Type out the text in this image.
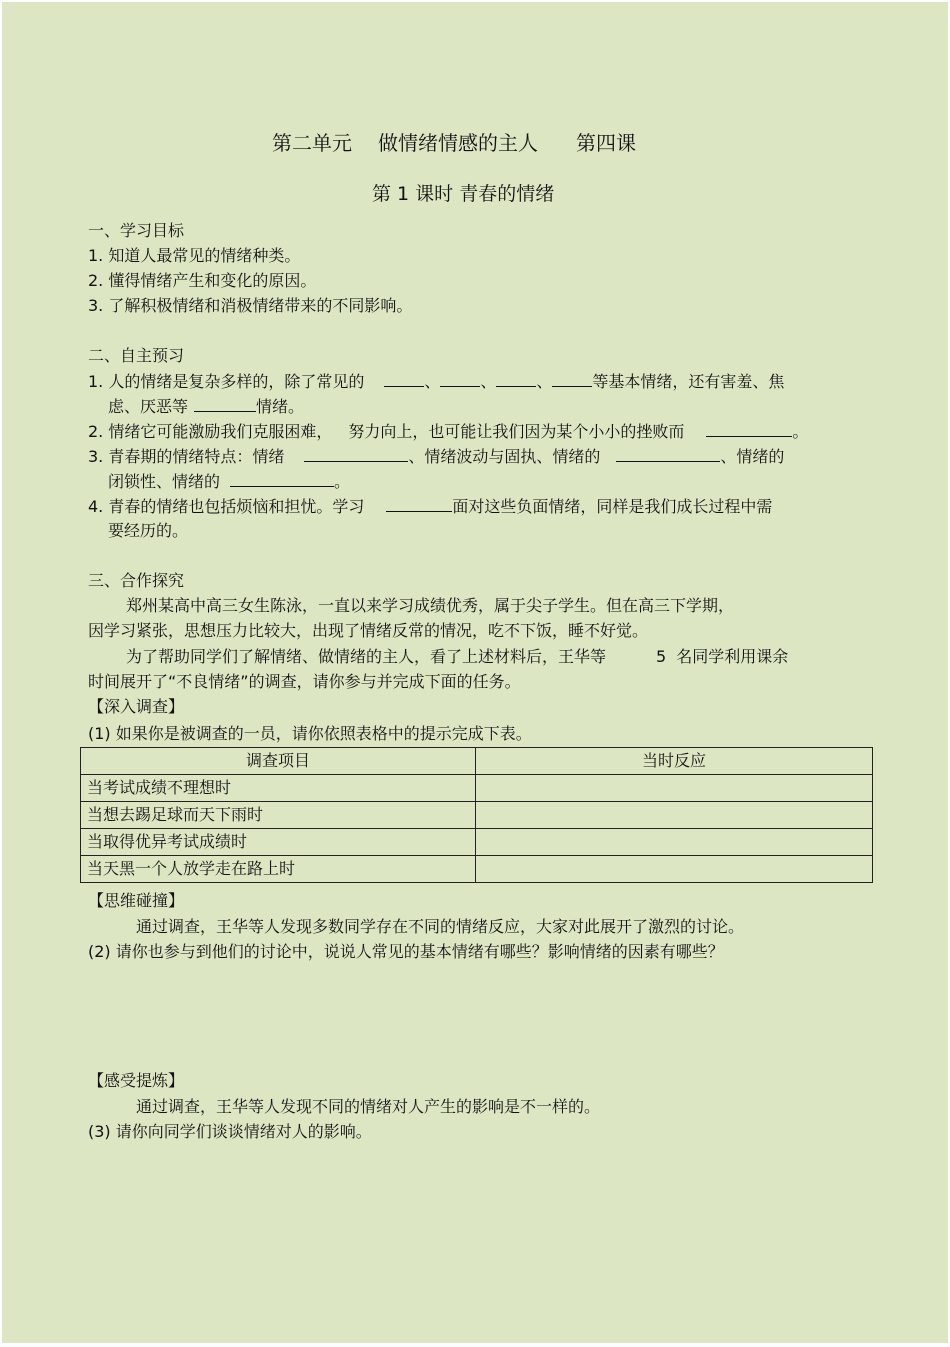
第二单元 做情绪情感的主人 第四课
第 1 课时 青春的情绪
一、学习目标
1. 知道人最常见的情绪种类。
2. 懂得情绪产生和变化的原因。
3. 了解积极情绪和消极情绪带来的不同影响。
二、自主预习
1. 人的情绪是复杂多样的，除了常见的	、	、	、	等基本情绪，还有害羞、焦
虑、厌恶等	情绪。
2. 情绪它可能激励我们克服困难， 努力向上，也可能让我们因为某个小小的挫败而	。
3. 青春期的情绪特点：情绪	、情绪波动与固执、情绪的	、情绪的
闭锁性、情绪的	。
4. 青春的情绪也包括烦恼和担忧。学习	面对这些负面情绪，同样是我们成长过程中需
要经历的。
三、合作探究
郑州某高中高三女生陈泳，一直以来学习成绩优秀，属于尖子学生。但在高三下学期，
因学习紧张，思想压力比较大，出现了情绪反常的情况，吃不下饭，睡不好觉。
为了帮助同学们了解情绪、做情绪的主人，看了上述材料后，王华等	5 名同学利用课余
时间展开了“不良情绪”的调查，请你参与并完成下面的任务。
【深入调查】
(1) 如果你是被调查的一员，请你依照表格中的提示完成下表。
调查项目	当时反应
当考试成绩不理想时	
当想去踢足球而天下雨时	
当取得优异考试成绩时	
当天黑一个人放学走在路上时	
【思维碰撞】
通过调查，王华等人发现多数同学存在不同的情绪反应，大家对此展开了激烈的讨论。
(2) 请你也参与到他们的讨论中，说说人常见的基本情绪有哪些？影响情绪的因素有哪些？
【感受提炼】
通过调查，王华等人发现不同的情绪对人产生的影响是不一样的。
(3) 请你向同学们谈谈情绪对人的影响。
